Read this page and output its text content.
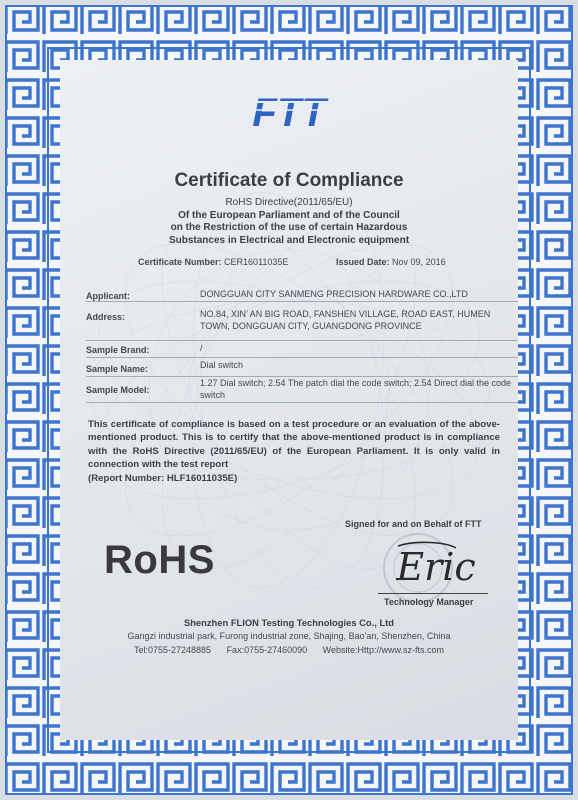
FTT
Certificate of Compliance
RoHS Directive(2011/65/EU)
Of the European Parliament and of the Council
on the Restriction of the use of certain Hazardous
Substances in Electrical and Electronic equipment
Certificate Number: CER16011035E	Issued Date: Nov 09, 2016
Applicant:	DONGGUAN CITY SANMENG PRECISION HARDWARE CO.,LTD
Address:	NO.84, XIN’ AN BIG ROAD, FANSHEN VILLAGE, ROAD EAST, HUMEN TOWN, DONGGUAN CITY, GUANGDONG PROVINCE
Sample Brand:	/
Sample Name:	Dial switch
Sample Model:
1.27 Dial switch; 2.54 The patch dial the code switch; 2.54 Direct dial the code switch
This certificate of compliance is based on a test procedure or an evaluation of the above-mentioned product. This is to certify that the above-mentioned product is in compliance with the RoHS Directive (2011/65/EU) of the European Parliament. It is only valid in connection with the test report
(Report Number: HLF16011035E)
Signed for and on Behalf of FTT
RoHS	Eric
Technology Manager
Shenzhen FLION Testing Technologies Co., Ltd
Gangzi industrial park, Furong industrial zone, Shajing, Bao'an, Shenzhen, China
Tel:0755-27248885 Fax:0755-27460090 Website:Http://www.sz-fts.com
